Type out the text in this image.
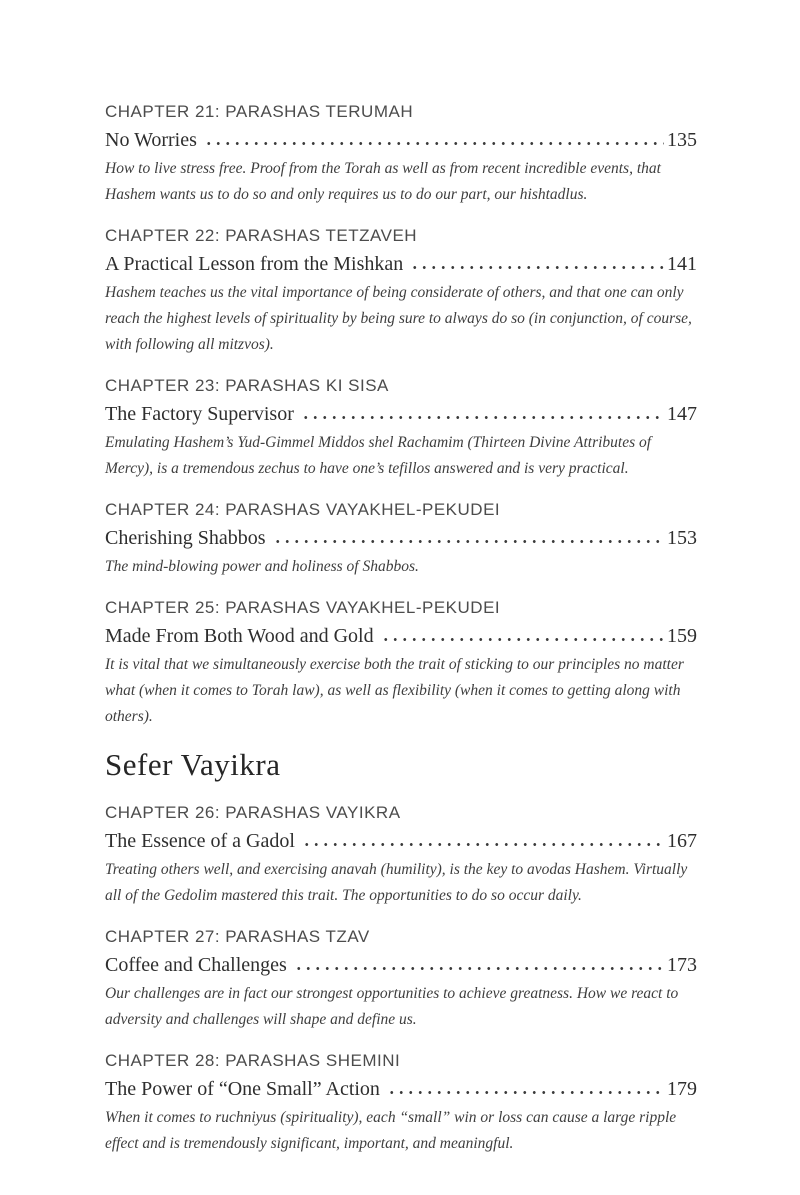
CHAPTER 21: PARASHAS TERUMAH
No Worries	135

How to live stress free. Proof from the Torah as well as from recent incredible events, that Hashem wants us to do so and only requires us to do our part, our hishtadlus.

CHAPTER 22: PARASHAS TETZAVEH
A Practical Lesson from the Mishkan	141

Hashem teaches us the vital importance of being considerate of others, and that one can only reach the highest levels of spirituality by being sure to always do so (in conjunction, of course, with following all mitzvos).

CHAPTER 23: PARASHAS KI SISA
The Factory Supervisor	147

Emulating Hashem’s Yud-Gimmel Middos shel Rachamim (Thirteen Divine Attributes of Mercy), is a tremendous zechus to have one’s tefillos answered and is very practical.

CHAPTER 24: PARASHAS VAYAKHEL-PEKUDEI
Cherishing Shabbos	153

The mind-blowing power and holiness of Shabbos.

CHAPTER 25: PARASHAS VAYAKHEL-PEKUDEI
Made From Both Wood and Gold	159

It is vital that we simultaneously exercise both the trait of sticking to our principles no matter what (when it comes to Torah law), as well as flexibility (when it comes to getting along with others).

Sefer Vayikra
CHAPTER 26: PARASHAS VAYIKRA
The Essence of a Gadol	167

Treating others well, and exercising anavah (humility), is the key to avodas Hashem. Virtually all of the Gedolim mastered this trait. The opportunities to do so occur daily.

CHAPTER 27: PARASHAS TZAV
Coffee and Challenges	173

Our challenges are in fact our strongest opportunities to achieve greatness. How we react to adversity and challenges will shape and define us.

CHAPTER 28: PARASHAS SHEMINI
The Power of “One Small” Action	179

When it comes to ruchniyus (spirituality), each “small” win or loss can cause a large ripple effect and is tremendously significant, important, and meaningful.
